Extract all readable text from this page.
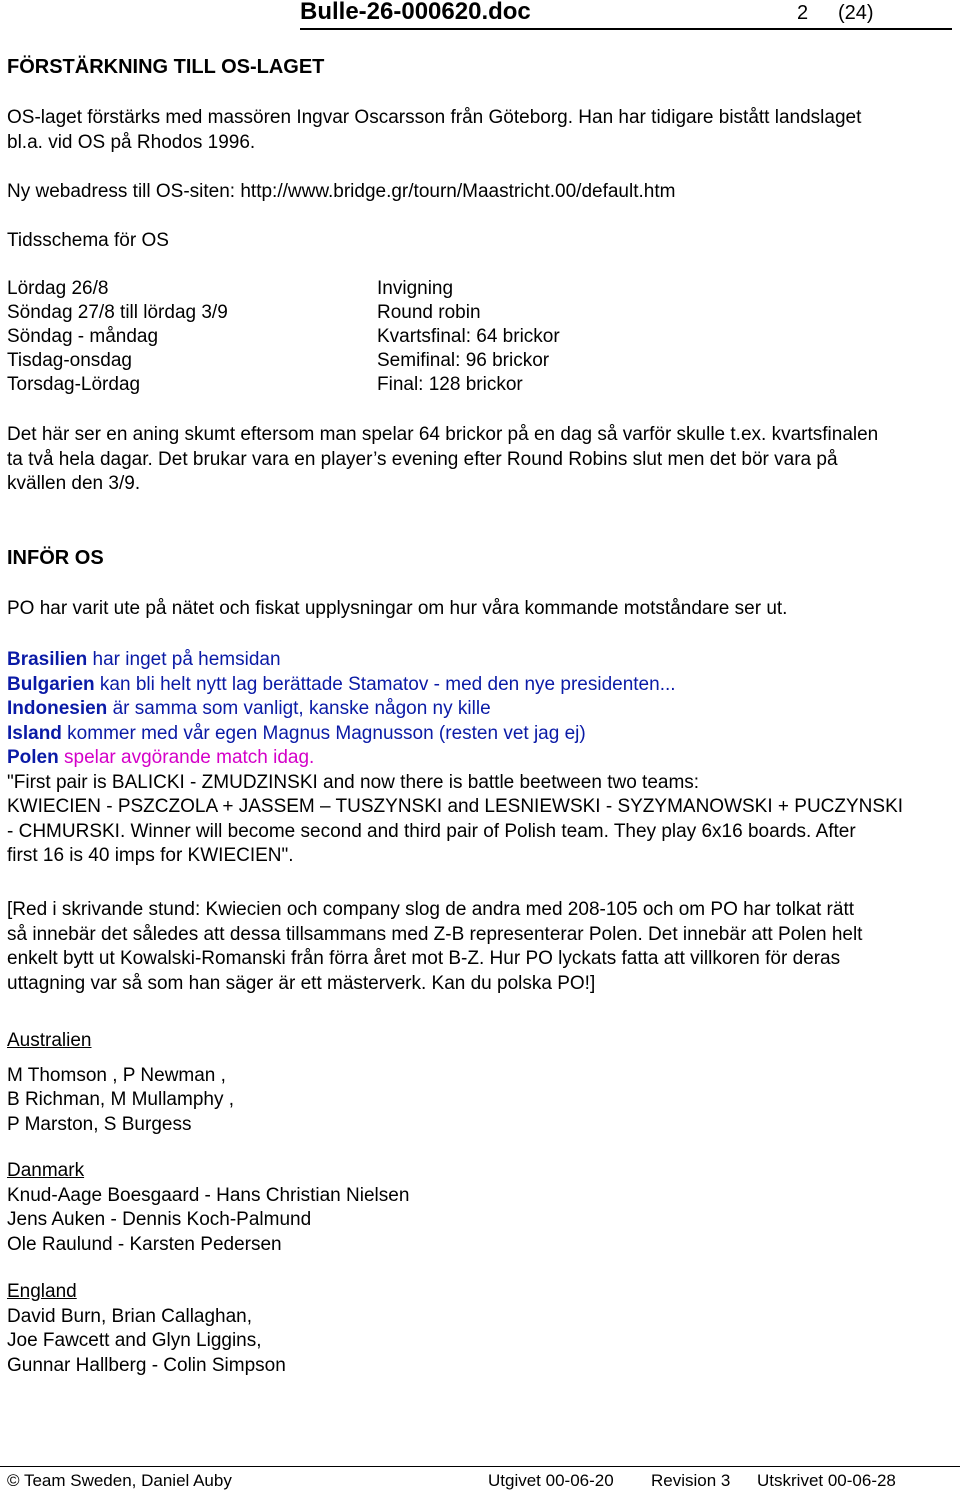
Bulle-26-000620.doc	2 (24)
FÖRSTÄRKNING TILL OS-LAGET
OS-laget förstärks med massören Ingvar Oscarsson från Göteborg. Han har tidigare bistått landslaget
bl.a. vid OS på Rhodos 1996.
Ny webadress till OS-siten: http://www.bridge.gr/tourn/Maastricht.00/default.htm
Tidsschema för OS
Lördag 26/8	Invigning
Söndag 27/8 till lördag 3/9	Round robin
Söndag - måndag	Kvartsfinal: 64 brickor
Tisdag-onsdag	Semifinal: 96 brickor
Torsdag-Lördag	Final: 128 brickor
Det här ser en aning skumt eftersom man spelar 64 brickor på en dag så varför skulle t.ex. kvartsfinalen
ta två hela dagar. Det brukar vara en player’s evening efter Round Robins slut men det bör vara på
kvällen den 3/9.
INFÖR OS
PO har varit ute på nätet och fiskat upplysningar om hur våra kommande motståndare ser ut.
Brasilien har inget på hemsidan
Bulgarien kan bli helt nytt lag berättade Stamatov - med den nye presidenten...
Indonesien är samma som vanligt, kanske någon ny kille
Island kommer med vår egen Magnus Magnusson (resten vet jag ej)
Polen spelar avgörande match idag.
"First pair is BALICKI - ZMUDZINSKI and now there is battle beetween two teams:
KWIECIEN - PSZCZOLA + JASSEM – TUSZYNSKI and LESNIEWSKI - SYZYMANOWSKI + PUCZYNSKI
- CHMURSKI. Winner will become second and third pair of Polish team. They play 6x16 boards. After
first 16 is 40 imps for KWIECIEN".
[Red i skrivande stund: Kwiecien och company slog de andra med 208-105 och om PO har tolkat rätt
så innebär det således att dessa tillsammans med Z-B representerar Polen. Det innebär att Polen helt
enkelt bytt ut Kowalski-Romanski från förra året mot B-Z. Hur PO lyckats fatta att villkoren för deras
uttagning var så som han säger är ett mästerverk. Kan du polska PO!]
Australien
M Thomson , P Newman ,
B Richman, M Mullamphy ,
P Marston, S Burgess
Danmark
Knud-Aage Boesgaard - Hans Christian Nielsen
Jens Auken - Dennis Koch-Palmund
Ole Raulund - Karsten Pedersen
England
David Burn, Brian Callaghan,
Joe Fawcett and Glyn Liggins,
Gunnar Hallberg - Colin Simpson
© Team Sweden, Daniel Auby	Utgivet 00-06-20 Revision 3 Utskrivet 00-06-28
